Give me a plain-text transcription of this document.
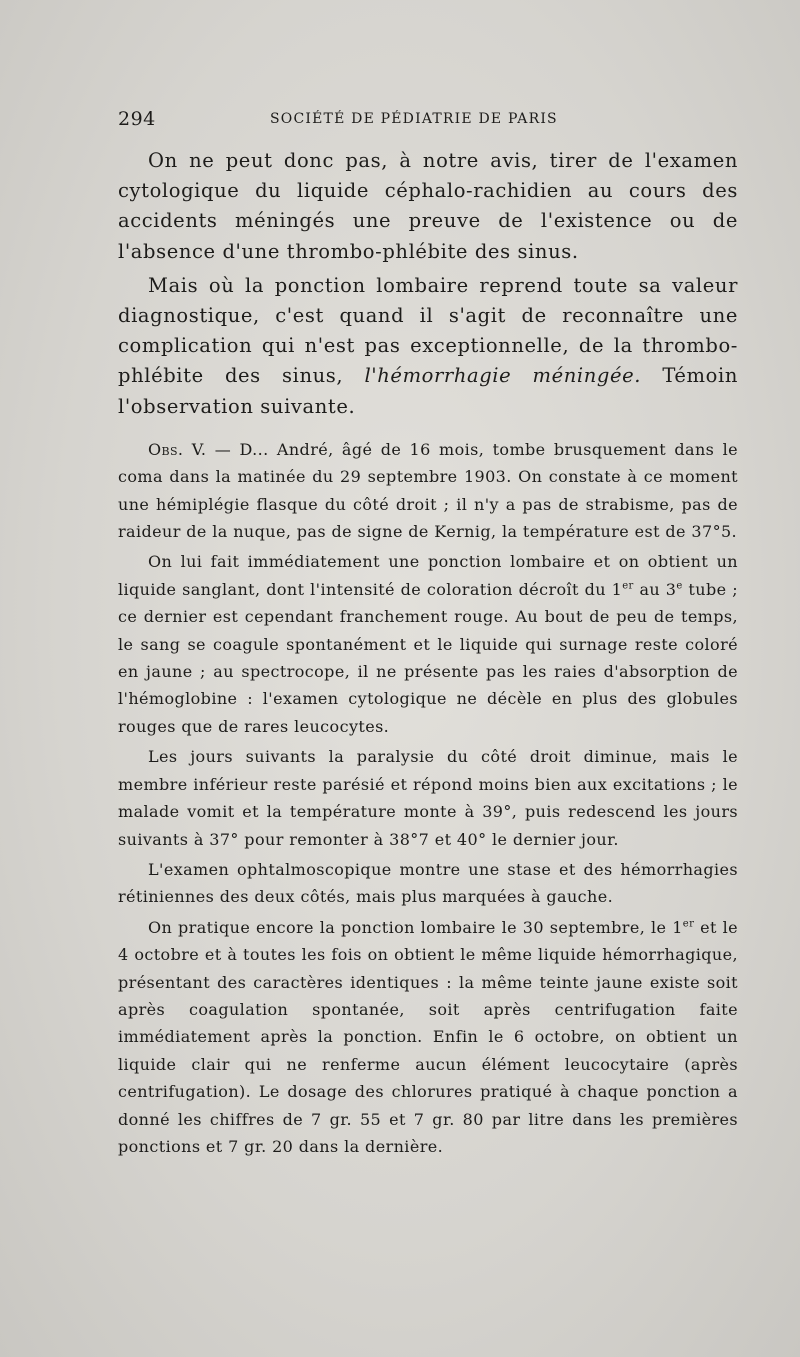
294	SOCIÉTÉ DE PÉDIATRIE DE PARIS

On ne peut donc pas, à notre avis, tirer de l'examen cytologique du liquide céphalo-rachidien au cours des accidents méningés une preuve de l'existence ou de l'absence d'une thrombo-phlébite des sinus.

Mais où la ponction lombaire reprend toute sa valeur diagnostique, c'est quand il s'agit de reconnaître une complication qui n'est pas exceptionnelle, de la thrombo-phlébite des sinus, l'hémorrhagie méningée. Témoin l'observation suivante.

Obs. V. — D... André, âgé de 16 mois, tombe brusquement dans le coma dans la matinée du 29 septembre 1903. On constate à ce moment une hémiplégie flasque du côté droit ; il n'y a pas de strabisme, pas de raideur de la nuque, pas de signe de Kernig, la température est de 37°5.

On lui fait immédiatement une ponction lombaire et on obtient un liquide sanglant, dont l'intensité de coloration décroît du 1er au 3e tube ; ce dernier est cependant franchement rouge. Au bout de peu de temps, le sang se coagule spontanément et le liquide qui surnage reste coloré en jaune ; au spectrocope, il ne présente pas les raies d'absorption de l'hémoglobine : l'examen cytologique ne décèle en plus des globules rouges que de rares leucocytes.

Les jours suivants la paralysie du côté droit diminue, mais le membre inférieur reste parésié et répond moins bien aux excitations ; le malade vomit et la température monte à 39°, puis redescend les jours suivants à 37° pour remonter à 38°7 et 40° le dernier jour.

L'examen ophtalmoscopique montre une stase et des hémorrhagies rétiniennes des deux côtés, mais plus marquées à gauche.

On pratique encore la ponction lombaire le 30 septembre, le 1er et le 4 octobre et à toutes les fois on obtient le même liquide hémorrhagique, présentant des caractères identiques : la même teinte jaune existe soit après coagulation spontanée, soit après centrifugation faite immédiatement après la ponction. Enfin le 6 octobre, on obtient un liquide clair qui ne renferme aucun élément leucocytaire (après centrifugation). Le dosage des chlorures pratiqué à chaque ponction a donné les chiffres de 7 gr. 55 et 7 gr. 80 par litre dans les premières ponctions et 7 gr. 20 dans la dernière.
